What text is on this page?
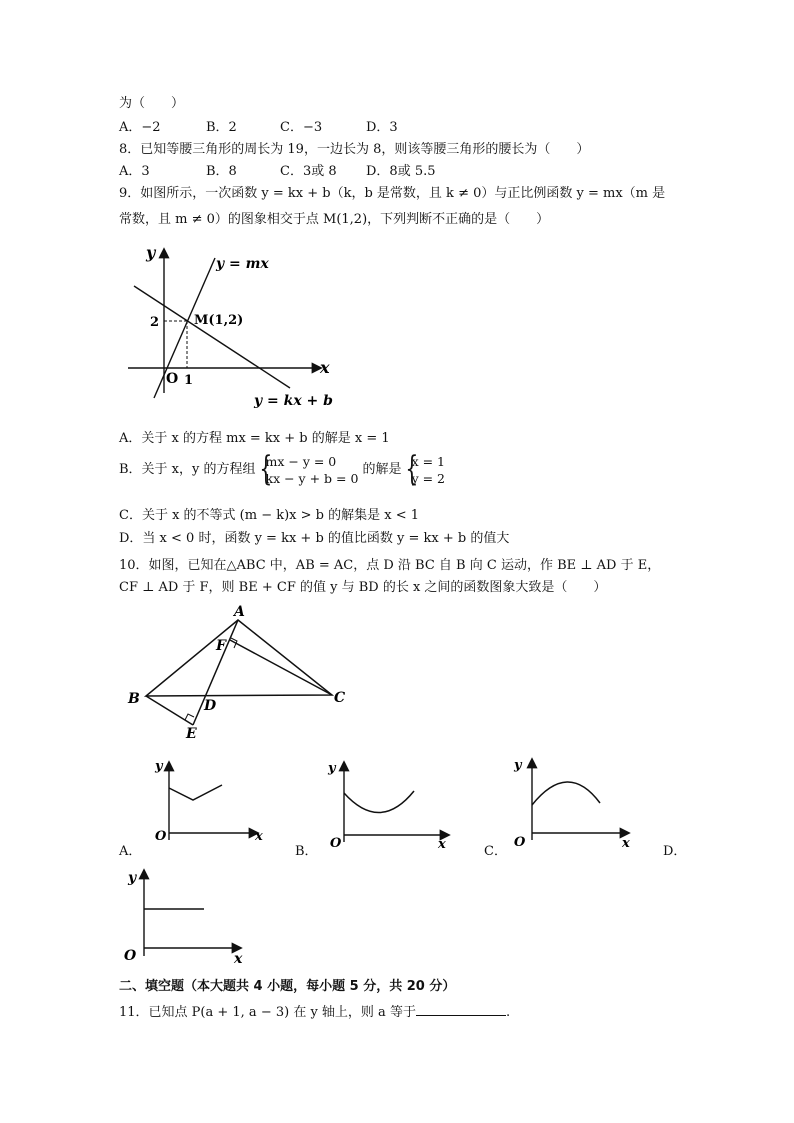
为（　　）
A．−2	B．2	C．−3	D．3
8．已知等腰三角形的周长为 19，一边长为 8，则该等腰三角形的腰长为（　　）
A．3	B．8	C．3或 8 D．8或 5.5
9．如图所示，一次函数 y = kx + b（k，b 是常数，且 k ≠ 0）与正比例函数 y = mx（m 是
常数，且 m ≠ 0）的图象相交于点 M(1,2)，下列判断不正确的是（　　）
y
x
O 1
2	M(1,2)
y = mx
y = kx + b
A．关于 x 的方程 mx = kx + b 的解是 x = 1
B．关于 x，y 的方程组
{ mx − y = 0
kx − y + b = 0
的解是
{ x = 1
y = 2
C．关于 x 的不等式 (m − k)x > b 的解集是 x < 1
D．当 x < 0 时，函数 y = kx + b 的值比函数 y = kx + b 的值大
10．如图，已知在△ABC 中，AB = AC，点 D 沿 BC 自 B 向 C 运动，作 BE ⊥ AD 于 E，
CF ⊥ AD 于 F，则 BE + CF 的值 y 与 BD 的长 x 之间的函数图象大致是（　　）
A
B	C
D
E
F
y
x
O
A．
y
x
O
B．
y
x
O
C．	D．
y
x
O
二、填空题（本大题共 4 小题，每小题 5 分，共 20 分）
11．已知点 P(a + 1, a − 3) 在 y 轴上，则 a 等于	.
